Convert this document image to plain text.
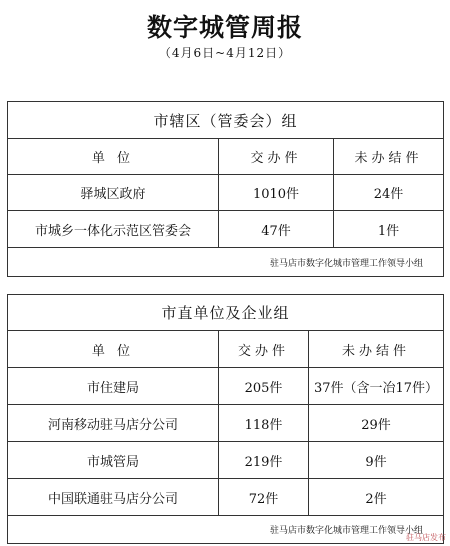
数字城管周报
（4月6日~4月12日）
市辖区（管委会）组		
单 位	交办件	未办结件
驿城区政府	1010件	24件
市城乡一体化示范区管委会	47件	1件
驻马店市数字化城市管理工作领导小组		
市直单位及企业组		
单 位	交办件	未办结件
市住建局	205件	37件（含一冶17件）
河南移动驻马店分公司	118件	29件
市城管局	219件	9件
中国联通驻马店分公司	72件	2件
驻马店市数字化城市管理工作领导小组		
驻马店发布
